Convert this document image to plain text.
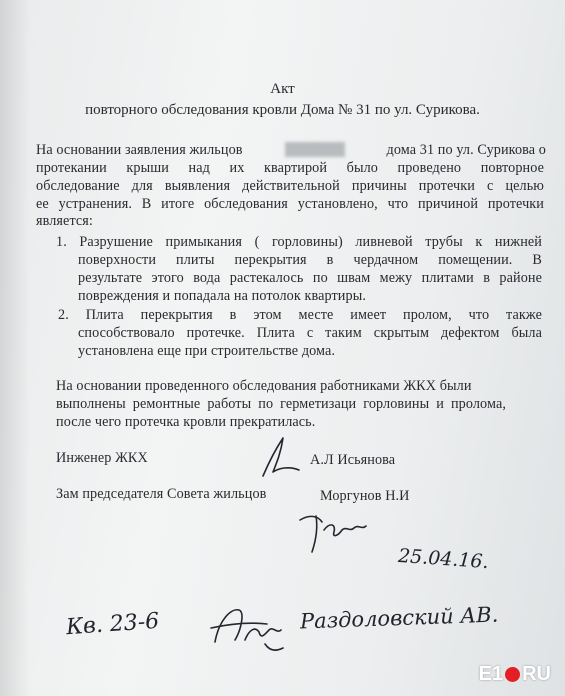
Акт
повторного обследования кровли Дома № 31 по ул. Сурикова.
На основании заявления жильцов	дома 31 по ул. Сурикова о
протекании крыши над их квартирой было проведено повторное
обследование для выявления действительной причины протечки с целью
ее устранения. В итоге обследования установлено, что причиной протечки
является:
1. Разрушение примыкания ( горловины) ливневой трубы к нижней
поверхности плиты перекрытия в чердачном помещении. В
результате этого вода растекалось по швам межу плитами в районе
повреждения и попадала на потолок квартиры.
2. Плита перекрытия в этом месте имеет пролом, что также
способствовало протечке. Плита с таким скрытым дефектом была
установлена еще при строительстве дома.
На основании проведенного обследования работниками ЖКХ были
выполнены ремонтные работы по герметизаци горловины и пролома,
после чего протечка кровли прекратилась.
Инженер ЖКХ	А.Л Исьянова
Зам председателя Совета жильцов	Моргунов Н.И
25.04.16.
Кв. 23-6	Раздоловский АВ.
E1 RU
